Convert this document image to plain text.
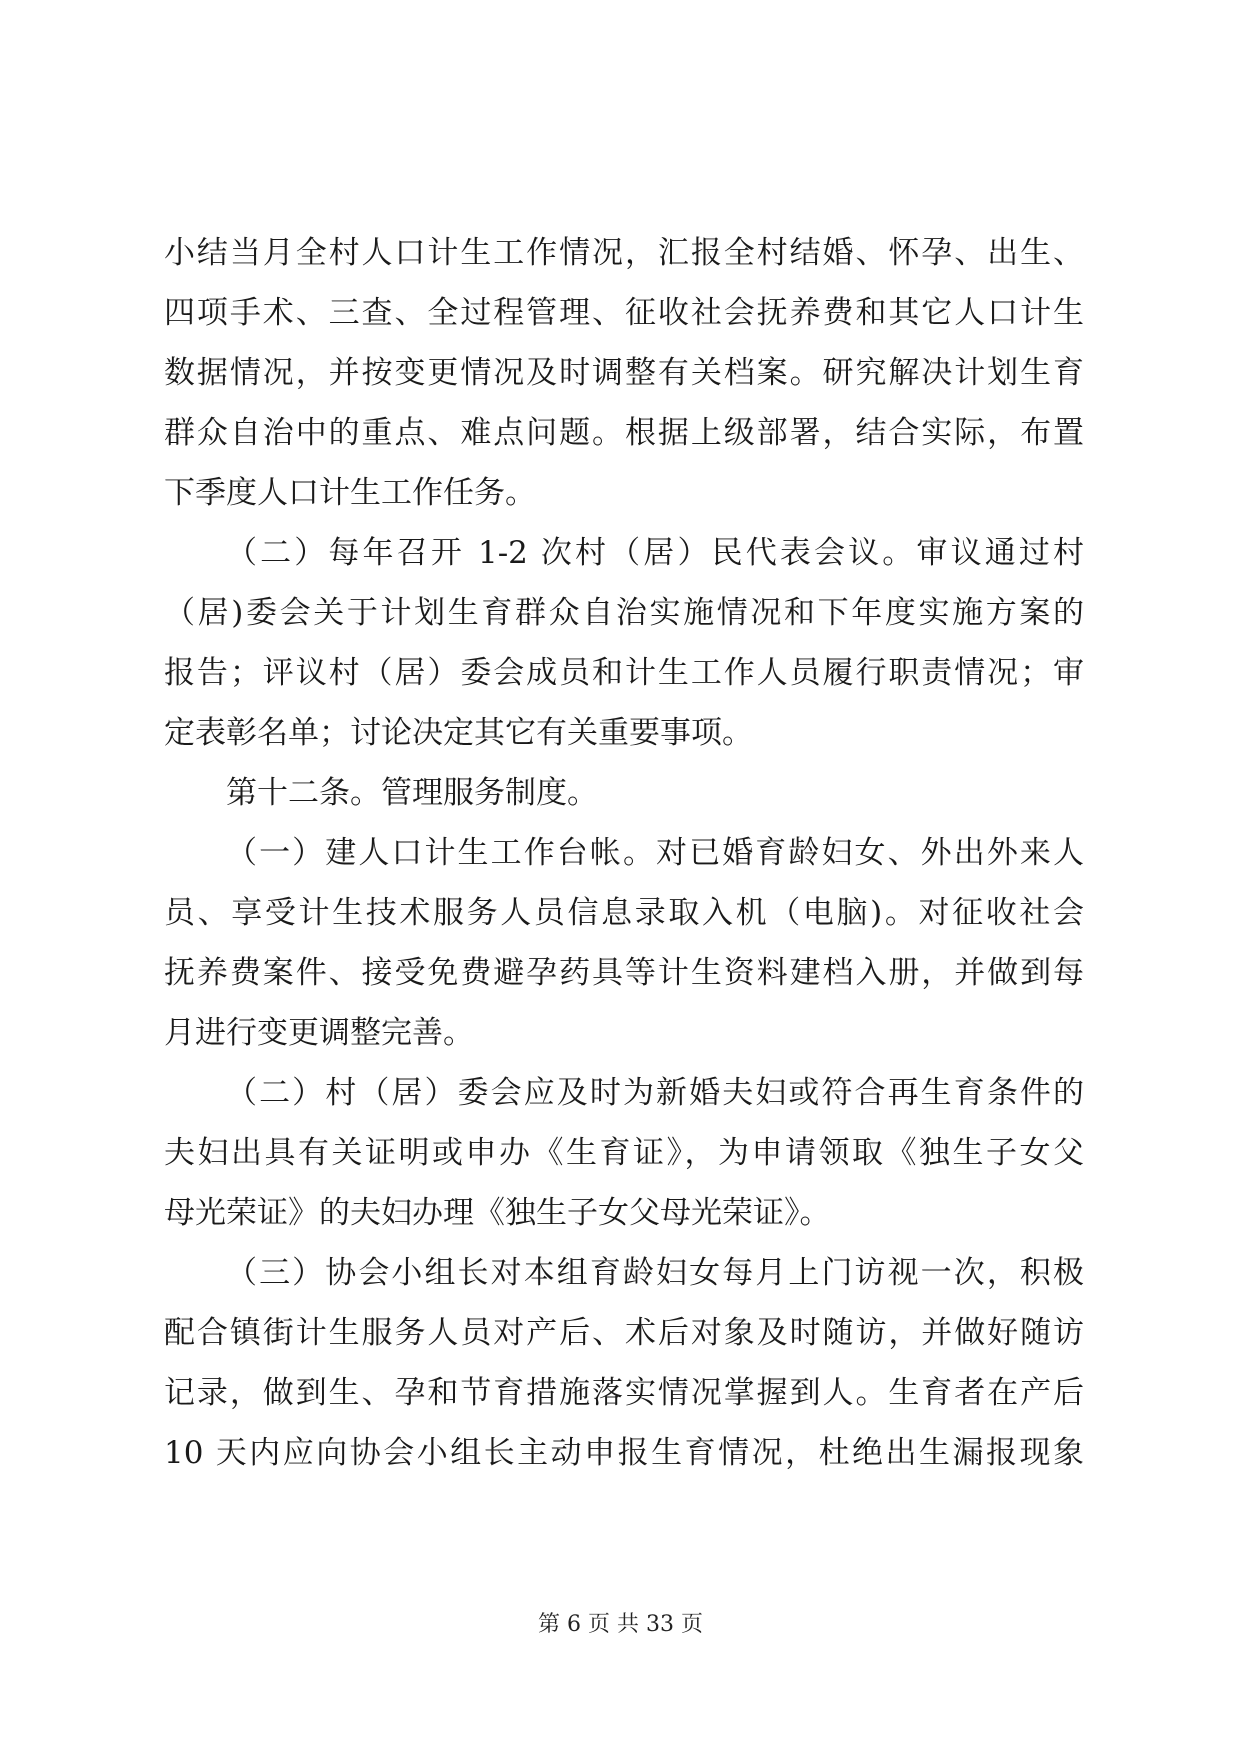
小结当月全村人口计生工作情况，汇报全村结婚、怀孕、出生、
四项手术、三查、全过程管理、征收社会抚养费和其它人口计生
数据情况，并按变更情况及时调整有关档案。研究解决计划生育
群众自治中的重点、难点问题。根据上级部署，结合实际，布置
下季度人口计生工作任务。
（二）每年召开 1-2 次村（居）民代表会议。审议通过村
（居)委会关于计划生育群众自治实施情况和下年度实施方案的
报告；评议村（居）委会成员和计生工作人员履行职责情况；审
定表彰名单；讨论决定其它有关重要事项。
第十二条。管理服务制度。
（一）建人口计生工作台帐。对已婚育龄妇女、外出外来人
员、享受计生技术服务人员信息录取入机（电脑)。对征收社会
抚养费案件、接受免费避孕药具等计生资料建档入册，并做到每
月进行变更调整完善。
（二）村（居）委会应及时为新婚夫妇或符合再生育条件的
夫妇出具有关证明或申办《生育证》，为申请领取《独生子女父
母光荣证》的夫妇办理《独生子女父母光荣证》。
（三）协会小组长对本组育龄妇女每月上门访视一次，积极
配合镇街计生服务人员对产后、术后对象及时随访，并做好随访
记录，做到生、孕和节育措施落实情况掌握到人。生育者在产后
10 天内应向协会小组长主动申报生育情况，杜绝出生漏报现象
第 6 页 共 33 页
